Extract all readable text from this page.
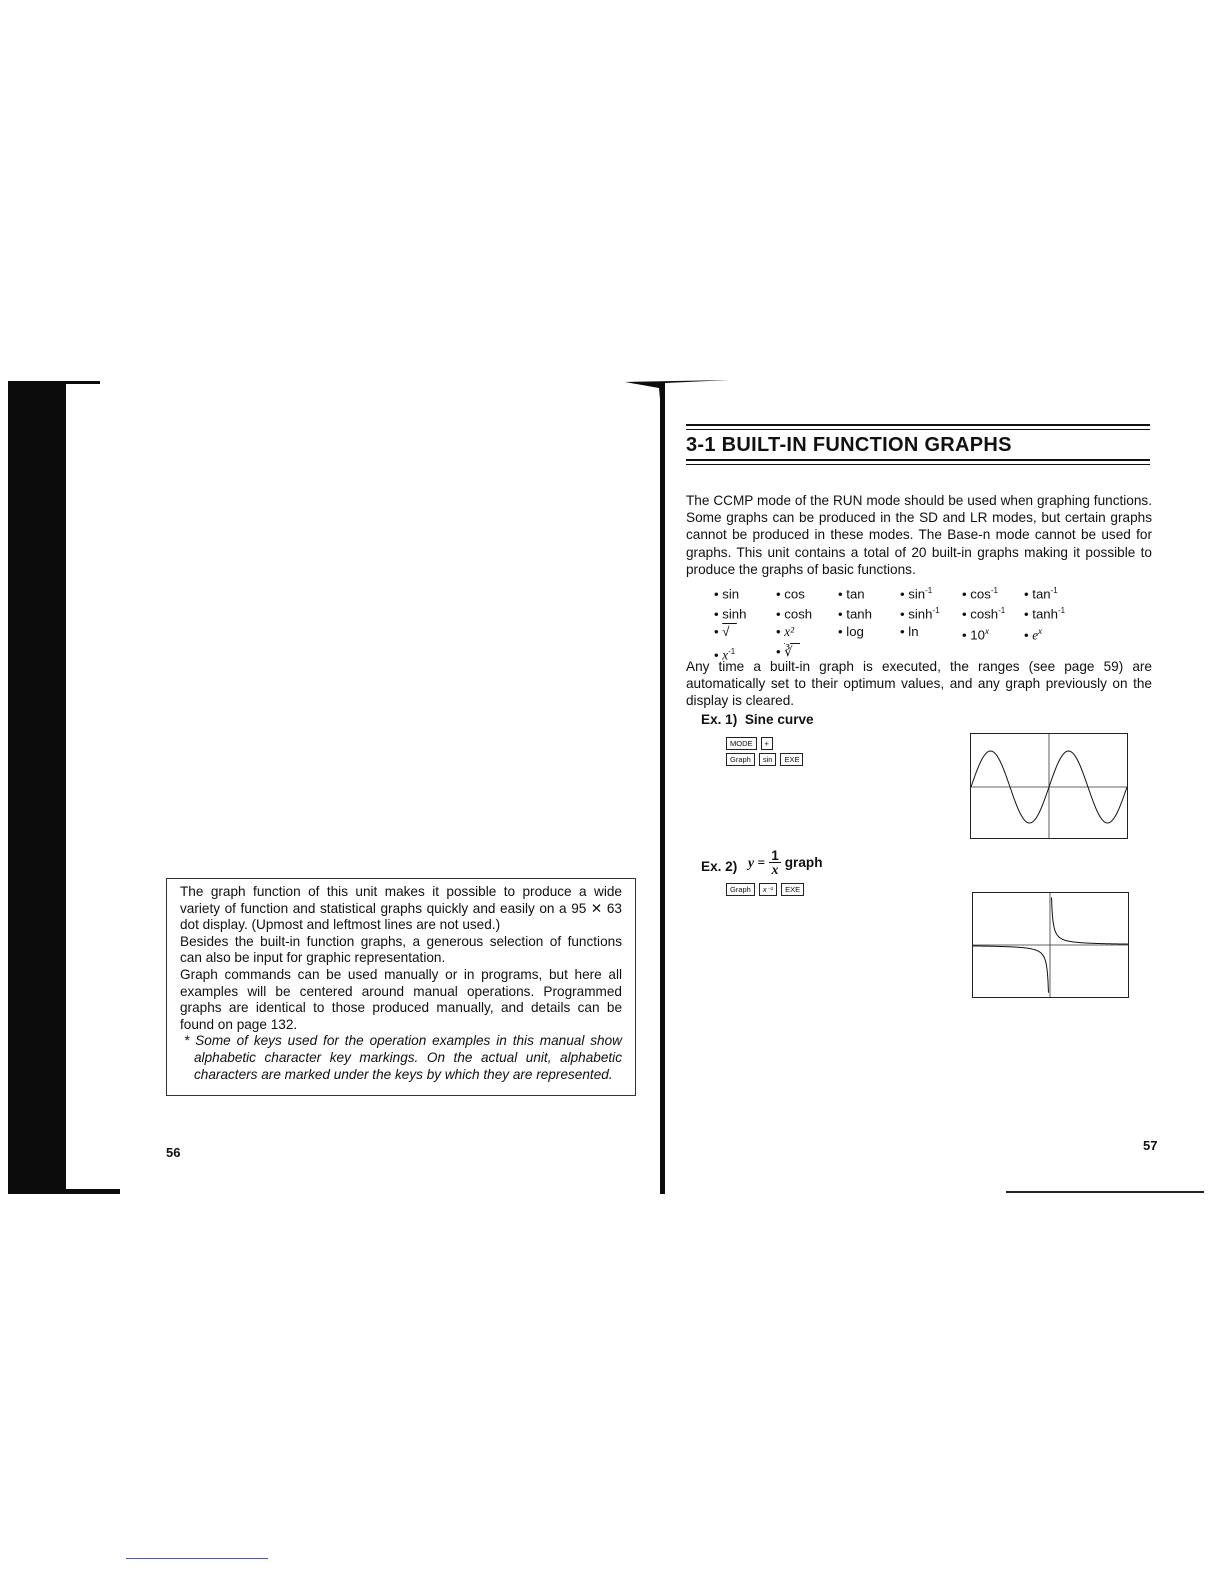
The graph function of this unit makes it possible to produce a wide variety of function and statistical graphs quickly and easily on a 95 ✕ 63 dot display. (Upmost and leftmost lines are not used.)

Besides the built-in function graphs, a generous selection of functions can also be input for graphic representation.

Graph commands can be used manually or in programs, but here all examples will be centered around manual operations. Programmed graphs are identical to those produced manually, and details can be found on page 132.

* Some of keys used for the operation examples in this manual show alphabetic character key markings. On the actual unit, alphabetic characters are marked under the keys by which they are represented.

56
3-1 BUILT-IN FUNCTION GRAPHS
The CCMP mode of the RUN mode should be used when graphing functions. Some graphs can be produced in the SD and LR modes, but certain graphs cannot be produced in these modes. The Base-n mode cannot be used for graphs. This unit contains a total of 20 built-in graphs making it possible to produce the graphs of basic functions.
• sin	• cos	• tan	• $\sin^{-1}$	• $\cos^{-1}$	• $\tan^{-1}$
• sinh	• cosh	• tanh	• $\sinh^{-1}$	• $\cosh^{-1}$	• $\tanh^{-1}$
• √	• x²	• log	• ln	• 10$^x$	• $e^x$
• $x^{-1}$	• ∛
Any time a built-in graph is executed, the ranges (see page 59) are automatically set to their optimum values, and any graph previously on the display is cleared.
Ex. 1) Sine curve
MODE	+
Graph	sin	EXE
Ex. 2) $y = \frac{1}{x}$ graph
Graph	x⁻¹	EXE
57
